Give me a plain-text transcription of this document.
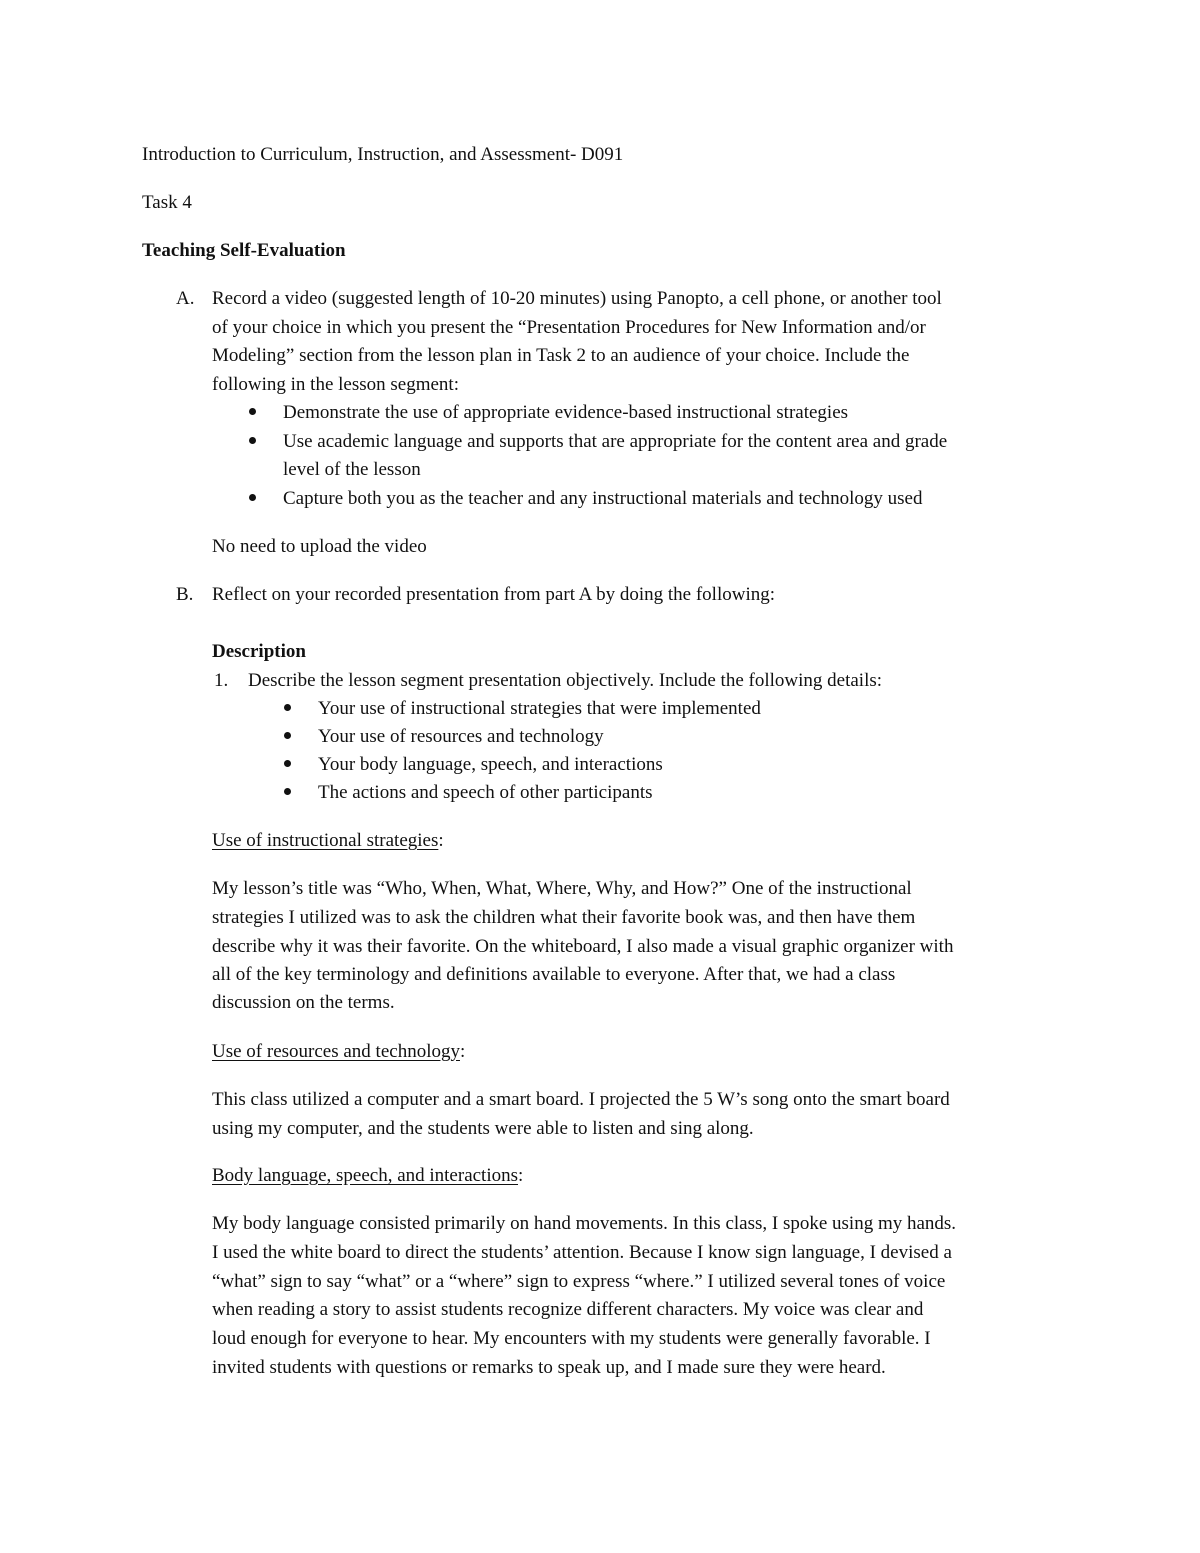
Introduction to Curriculum, Instruction, and Assessment- D091
Task 4
Teaching Self-Evaluation
A. Record a video (suggested length of 10-20 minutes) using Panopto, a cell phone, or another tool
of your choice in which you present the “Presentation Procedures for New Information and/or
Modeling” section from the lesson plan in Task 2 to an audience of your choice. Include the
following in the lesson segment:
Demonstrate the use of appropriate evidence-based instructional strategies
Use academic language and supports that are appropriate for the content area and grade
level of the lesson
Capture both you as the teacher and any instructional materials and technology used
No need to upload the video
B. Reflect on your recorded presentation from part A by doing the following:
Description
1. Describe the lesson segment presentation objectively. Include the following details:
Your use of instructional strategies that were implemented
Your use of resources and technology
Your body language, speech, and interactions
The actions and speech of other participants
Use of instructional strategies:
My lesson’s title was “Who, When, What, Where, Why, and How?” One of the instructional
strategies I utilized was to ask the children what their favorite book was, and then have them
describe why it was their favorite. On the whiteboard, I also made a visual graphic organizer with
all of the key terminology and definitions available to everyone. After that, we had a class
discussion on the terms.
Use of resources and technology:
This class utilized a computer and a smart board. I projected the 5 W’s song onto the smart board
using my computer, and the students were able to listen and sing along.
Body language, speech, and interactions:
My body language consisted primarily on hand movements. In this class, I spoke using my hands.
I used the white board to direct the students’ attention. Because I know sign language, I devised a
“what” sign to say “what” or a “where” sign to express “where.” I utilized several tones of voice
when reading a story to assist students recognize different characters. My voice was clear and
loud enough for everyone to hear. My encounters with my students were generally favorable. I
invited students with questions or remarks to speak up, and I made sure they were heard.
